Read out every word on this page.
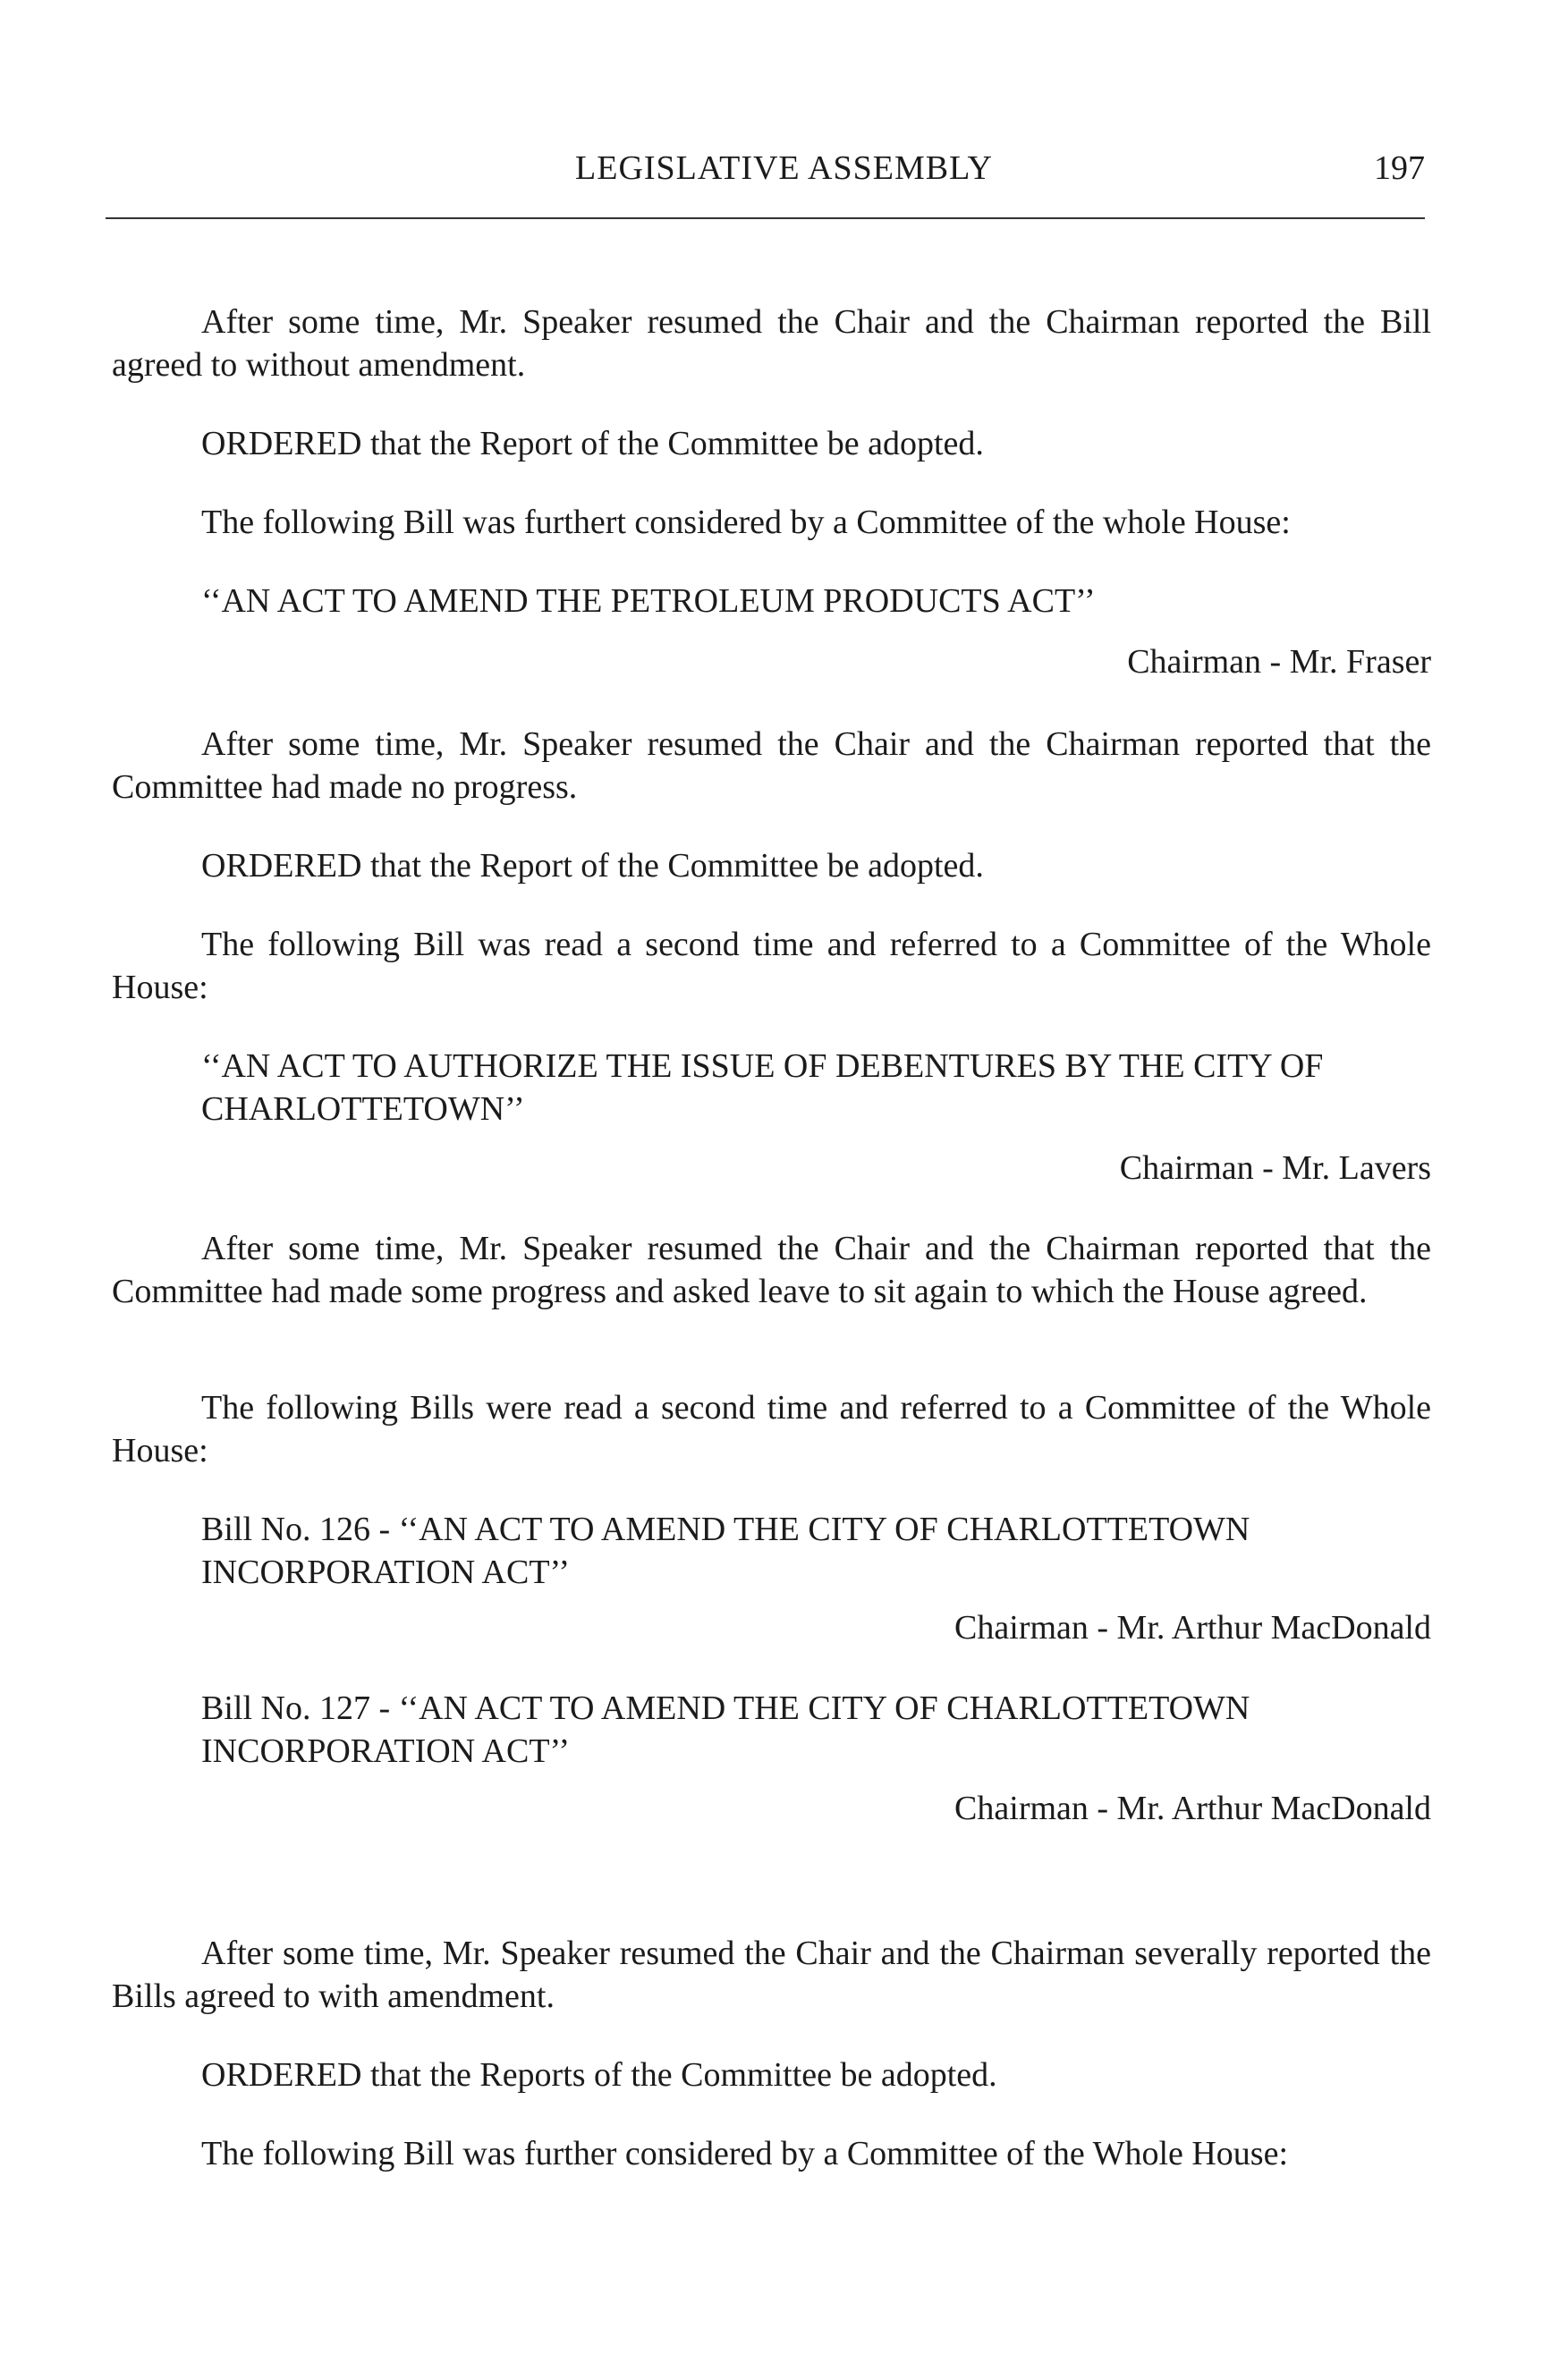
LEGISLATIVE ASSEMBLY	197
After some time, Mr. Speaker resumed the Chair and the Chairman reported the Bill agreed to without amendment.
ORDERED that the Report of the Committee be adopted.
The following Bill was furthert considered by a Committee of the whole House:
‘‘AN ACT TO AMEND THE PETROLEUM PRODUCTS ACT’’
Chairman - Mr. Fraser
After some time, Mr. Speaker resumed the Chair and the Chairman reported that the Committee had made no progress.
ORDERED that the Report of the Committee be adopted.
The following Bill was read a second time and referred to a Committee of the Whole House:
‘‘AN ACT TO AUTHORIZE THE ISSUE OF DEBENTURES BY THE CITY OF CHARLOTTETOWN’’
Chairman - Mr. Lavers
After some time, Mr. Speaker resumed the Chair and the Chairman reported that the Committee had made some progress and asked leave to sit again to which the House agreed.
The following Bills were read a second time and referred to a Committee of the Whole House:
Bill No. 126 - ‘‘AN ACT TO AMEND THE CITY OF CHARLOTTETOWN INCORPORATION ACT’’
Chairman - Mr. Arthur MacDonald
Bill No. 127 - ‘‘AN ACT TO AMEND THE CITY OF CHARLOTTETOWN INCORPORATION ACT’’
Chairman - Mr. Arthur MacDonald
After some time, Mr. Speaker resumed the Chair and the Chairman severally reported the Bills agreed to with amendment.
ORDERED that the Reports of the Committee be adopted.
The following Bill was further considered by a Committee of the Whole House:
